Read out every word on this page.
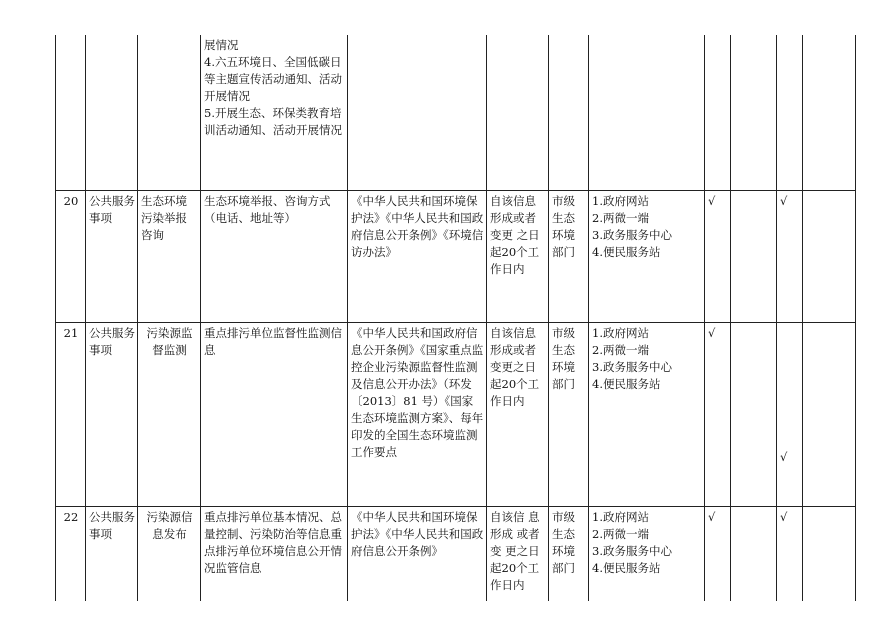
			展情况
4.六五环境日、全国低碳日等主题宣传活动通知、活动开展情况
5.开展生态、环保类教育培训活动通知、活动开展情况								
20	公共服务事项	生态环境污染举报咨询	生态环境举报、咨询方式（电话、地址等）	《中华人民共和国环境保护法》《中华人民共和国政府信息公开条例》《环境信访办法》	自该信息形成或者变更 之日起20个工作日内	市级生态环境部门	1.政府网站
2.两微一端
3.政务服务中心
4.便民服务站	√		√	
21	公共服务事项	污染源监督监测	重点排污单位监督性监测信息	《中华人民共和国政府信息公开条例》《国家重点监控企业污染源监督性监测及信息公开办法》（环发〔2013〕81 号）《国家生态环境监测方案》、每年印发的全国生态环境监测工作要点	自该信息形成或者变更之日起20个工作日内	市级生态环境部门	1.政府网站
2.两微一端
3.政务服务中心
4.便民服务站	√		√	
22	公共服务事项	污染源信息发布	重点排污单位基本情况、总量控制、污染防治等信息重点排污单位环境信息公开情况监管信息	《中华人民共和国环境保护法》《中华人民共和国政府信息公开条例》	自该信 息形成 或者变 更之日起20个工作日内	市级生态环境部门	1.政府网站
2.两微一端
3.政务服务中心
4.便民服务站	√		√	
